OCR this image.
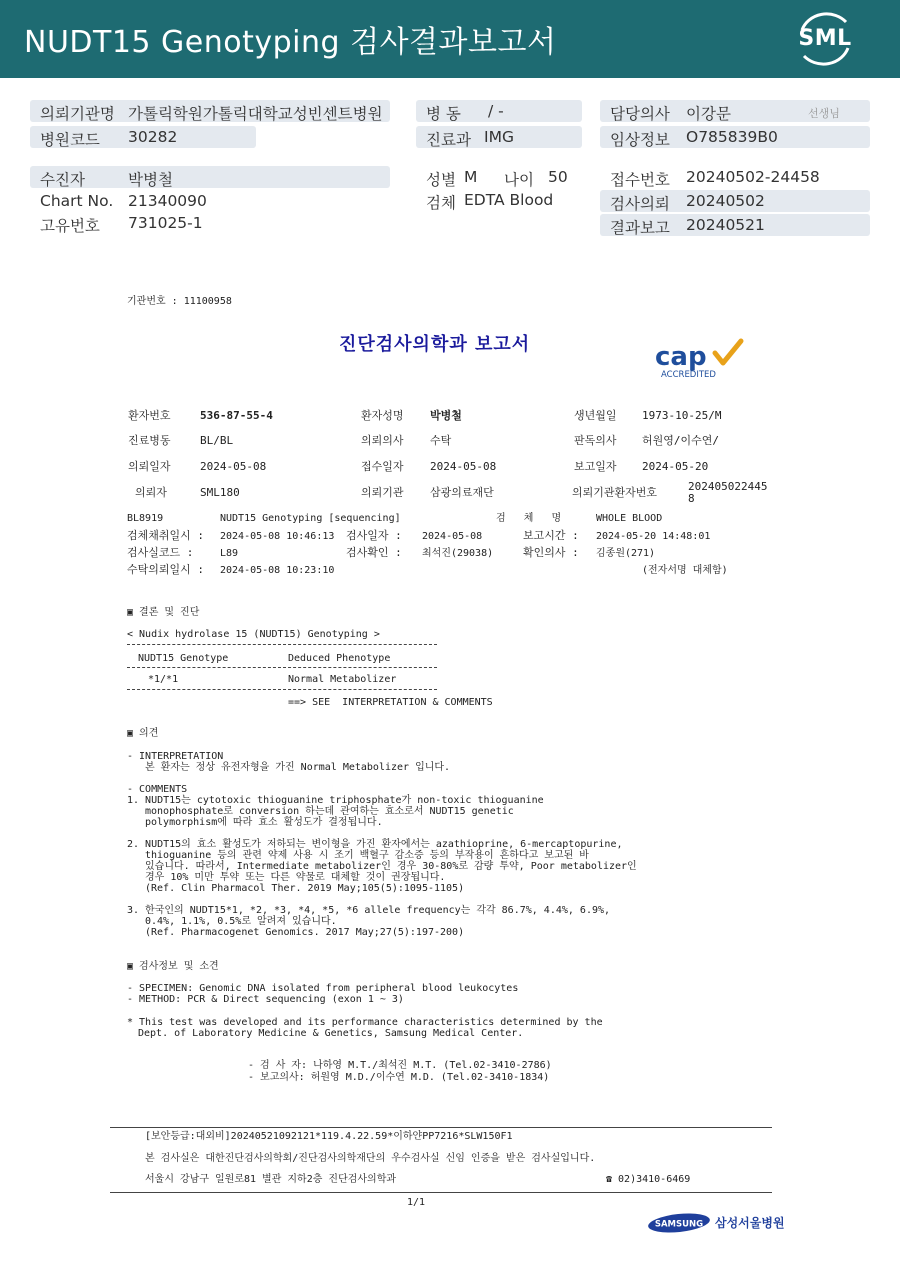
NUDT15 Genotyping 검사결과보고서	SML
의뢰기관명 가톨릭학원가톨릭대학교성빈센트병원
병원코드 30282
수진자	박병철
Chart No. 21340090
고유번호 731025-1
병 동 / -
진료과 IMG
성별 M 나이 50
검체 EDTA Blood
담당의사 이강문	선생님
임상정보 O785839B0
접수번호 20240502-24458
검사의뢰 20240502
결과보고 20240521
기관번호 : 11100958
진단검사의학과 보고서	cap
ACCREDITED
환자번호	536-87-55-4	환자성명 박병철	생년월일 1973-10-25/M
진료병동	BL/BL	의뢰의사 수탁	판독의사 허원영/이수연/
의뢰일자	2024-05-08	접수일자 2024-05-08	보고일자 2024-05-20
의뢰자	SML180	의뢰기관 삼광의료재단	의뢰기관환자번호	202405022445
8
BL8919	NUDT15 Genotyping [sequencing]	검   체   명	WHOLE BLOOD
검체채취일시 : 2024-05-08 10:46:13 검사일자 : 2024-05-08	보고시간 : 2024-05-20 14:48:01
검사실코드 :	L89	검사확인 : 최석진(29038)	확인의사 : 김종원(271)
수탁의뢰일시 : 2024-05-08 10:23:10	(전자서명 대체함)
▣ 결론 및 진단
< Nudix hydrolase 15 (NUDT15) Genotyping >
NUDT15 Genotype	Deduced Phenotype
*1/*1	Normal Metabolizer
==> SEE  INTERPRETATION & COMMENTS
▣ 의견
- INTERPRETATION
본 환자는 정상 유전자형을 가진 Normal Metabolizer 입니다.
- COMMENTS
1. NUDT15는 cytotoxic thioguanine triphosphate가 non-toxic thioguanine
monophosphate로 conversion 하는데 관여하는 효소로서 NUDT15 genetic
polymorphism에 따라 효소 활성도가 결정됩니다.
2. NUDT15의 효소 활성도가 저하되는 변이형을 가진 환자에서는 azathioprine, 6-mercaptopurine,
thioguanine 등의 관련 약제 사용 시 조기 백혈구 감소증 등의 부작용이 흔하다고 보고된 바
있습니다. 따라서, Intermediate metabolizer인 경우 30-80%로 감량 투약, Poor metabolizer인
경우 10% 미만 투약 또는 다른 약물로 대체할 것이 권장됩니다.
(Ref. Clin Pharmacol Ther. 2019 May;105(5):1095-1105)
3. 한국인의 NUDT15*1, *2, *3, *4, *5, *6 allele frequency는 각각 86.7%, 4.4%, 6.9%,
0.4%, 1.1%, 0.5%로 알려져 있습니다.
(Ref. Pharmacogenet Genomics. 2017 May;27(5):197-200)
▣ 검사정보 및 소견
- SPECIMEN: Genomic DNA isolated from peripheral blood leukocytes
- METHOD: PCR & Direct sequencing (exon 1 ~ 3)
* This test was developed and its performance characteristics determined by the
Dept. of Laboratory Medicine & Genetics, Samsung Medical Center.
- 검 사 자: 나하영 M.T./최석진 M.T. (Tel.02-3410-2786)
- 보고의사: 허원영 M.D./이수연 M.D. (Tel.02-3410-1834)
[보안등급:대외비]20240521092121*119.4.22.59*이하얀PP7216*SLW150F1
본 검사실은 대한진단검사의학회/진단검사의학재단의 우수검사실 신임 인증을 받은 검사실입니다.
서울시 강남구 일원로81 별관 지하2층 진단검사의학과	☎ 02)3410-6469
1/1
SAMSUNG 삼성서울병원
